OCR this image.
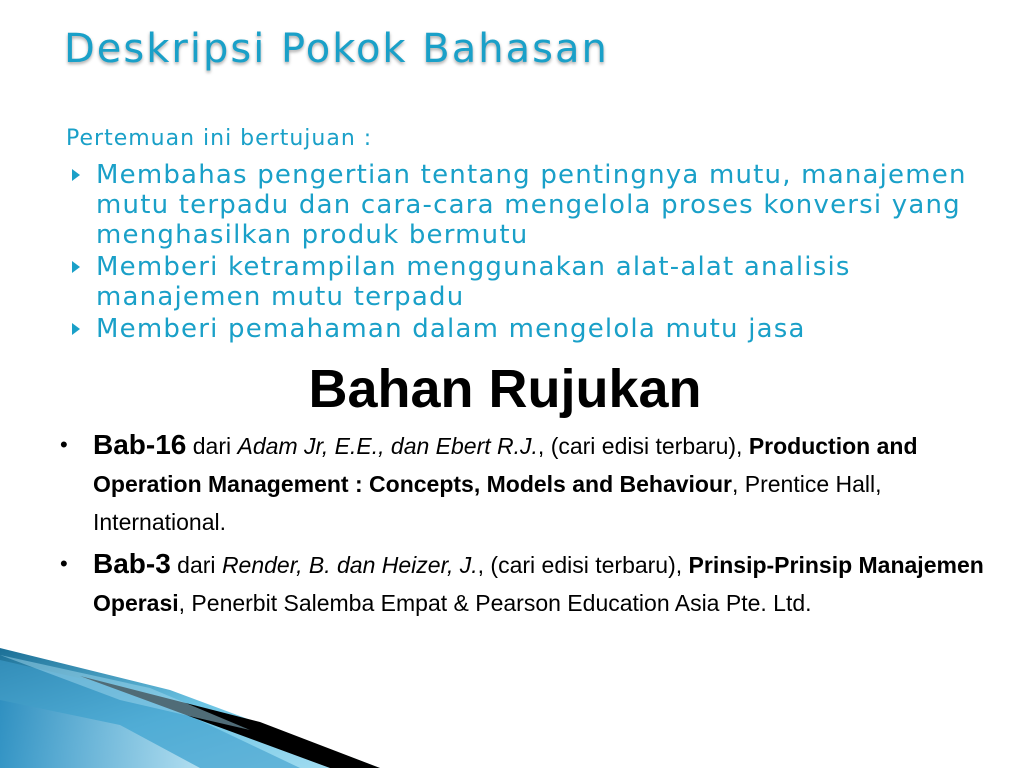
Deskripsi Pokok Bahasan
Pertemuan ini bertujuan :
Membahas pengertian tentang pentingnya mutu, manajemen mutu terpadu dan cara-cara mengelola proses konversi yang menghasilkan produk bermutu
Memberi ketrampilan menggunakan alat-alat analisis manajemen mutu terpadu
Memberi pemahaman dalam mengelola mutu jasa
Bahan Rujukan
• Bab-16 dari Adam Jr, E.E., dan Ebert R.J., (cari edisi terbaru), Production and Operation Management : Concepts, Models and Behaviour, Prentice Hall, International.
• Bab-3 dari Render, B. dan Heizer, J., (cari edisi terbaru), Prinsip-Prinsip Manajemen Operasi, Penerbit Salemba Empat & Pearson Education Asia Pte. Ltd.
